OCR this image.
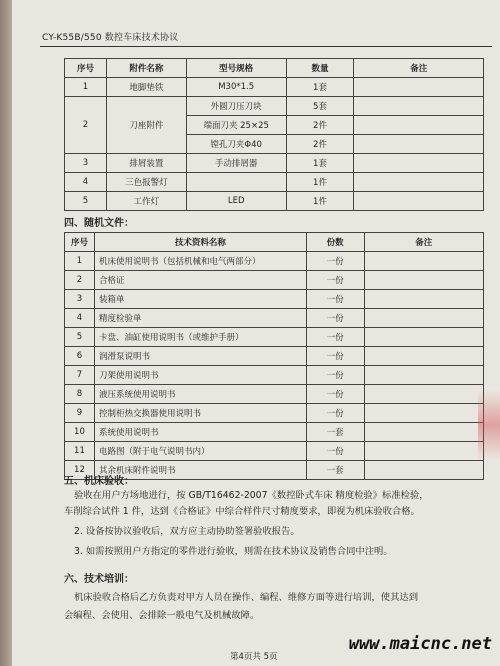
CY-K55B/550 数控车床技术协议
序号	附件名称	型号规格	数量	备注
1	地脚垫铁	M30*1.5	1套	
2	刀座附件	外圆刀压刀块	5套	
		端面刀夹 25×25	2件	
		镗孔刀夹Φ40	2件	
3	排屑装置	手动排屑器	1套	
4	三色报警灯		1件	
5	工作灯	LED	1件	
四、随机文件：
序号	技术资料名称	份数	备注
1	机床使用说明书（包括机械和电气两部分）	一份	
2	合格证	一份	
3	装箱单	一份	
4	精度检验单	一份	
5	卡盘、油缸使用说明书（或维护手册）	一份	
6	润滑泵说明书	一份	
7	刀架使用说明书	一份	
8	液压系统使用说明书	一份	
9	控制柜热交换器使用说明书	一份	
10	系统使用说明书	一套	
11	电路图（附于电气说明书内）	一份	
12	其余机床附件说明书	一套	
五、机床验收：
验收在用户方场地进行，按 GB/T16462-2007《数控卧式车床 精度检验》标准检验，
车削综合试件 1 件，达到《合格证》中综合样件尺寸精度要求，即视为机床验收合格。
2. 设备按协议验收后，双方应主动协助签署验收报告。
3. 如需按照用户方指定的零件进行验收，则需在技术协议及销售合同中注明。
六、技术培训：
机床验收合格后乙方负责对甲方人员在操作、编程、维修方面等进行培训，使其达到
会编程、会使用、会排除一般电气及机械故障。
第4页共 5页
www.maicnc.net
